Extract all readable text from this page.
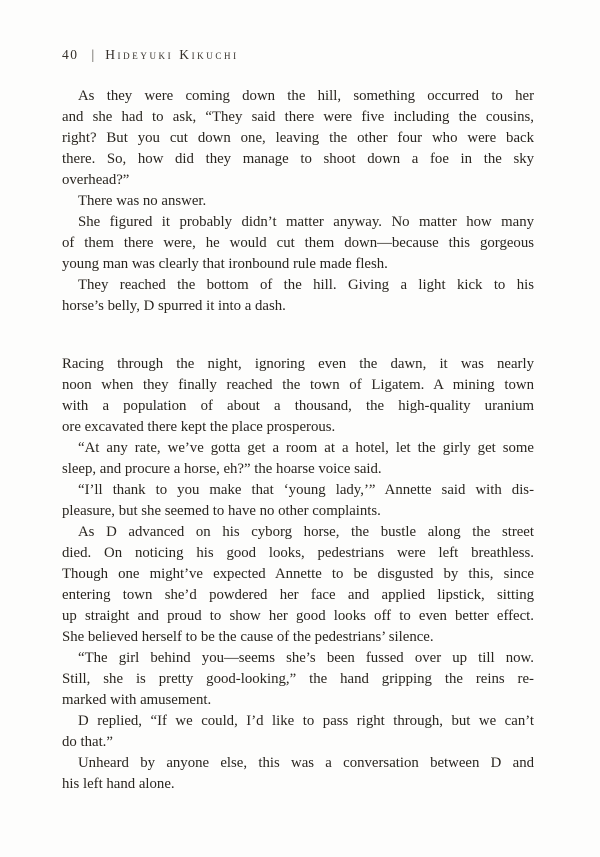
40 | Hideyuki Kikuchi
As they were coming down the hill, something occurred to her
and she had to ask, “They said there were five including the cousins,
right? But you cut down one, leaving the other four who were back
there. So, how did they manage to shoot down a foe in the sky
overhead?”
There was no answer.
She figured it probably didn’t matter anyway. No matter how many
of them there were, he would cut them down—because this gorgeous
young man was clearly that ironbound rule made flesh.
They reached the bottom of the hill. Giving a light kick to his
horse’s belly, D spurred it into a dash.
Racing through the night, ignoring even the dawn, it was nearly
noon when they finally reached the town of Ligatem. A mining town
with a population of about a thousand, the high-quality uranium
ore excavated there kept the place prosperous.
“At any rate, we’ve gotta get a room at a hotel, let the girly get some
sleep, and procure a horse, eh?” the hoarse voice said.
“I’ll thank to you make that ‘young lady,’” Annette said with dis-
pleasure, but she seemed to have no other complaints.
As D advanced on his cyborg horse, the bustle along the street
died. On noticing his good looks, pedestrians were left breathless.
Though one might’ve expected Annette to be disgusted by this, since
entering town she’d powdered her face and applied lipstick, sitting
up straight and proud to show her good looks off to even better effect.
She believed herself to be the cause of the pedestrians’ silence.
“The girl behind you—seems she’s been fussed over up till now.
Still, she is pretty good-looking,” the hand gripping the reins re-
marked with amusement.
D replied, “If we could, I’d like to pass right through, but we can’t
do that.”
Unheard by anyone else, this was a conversation between D and
his left hand alone.
